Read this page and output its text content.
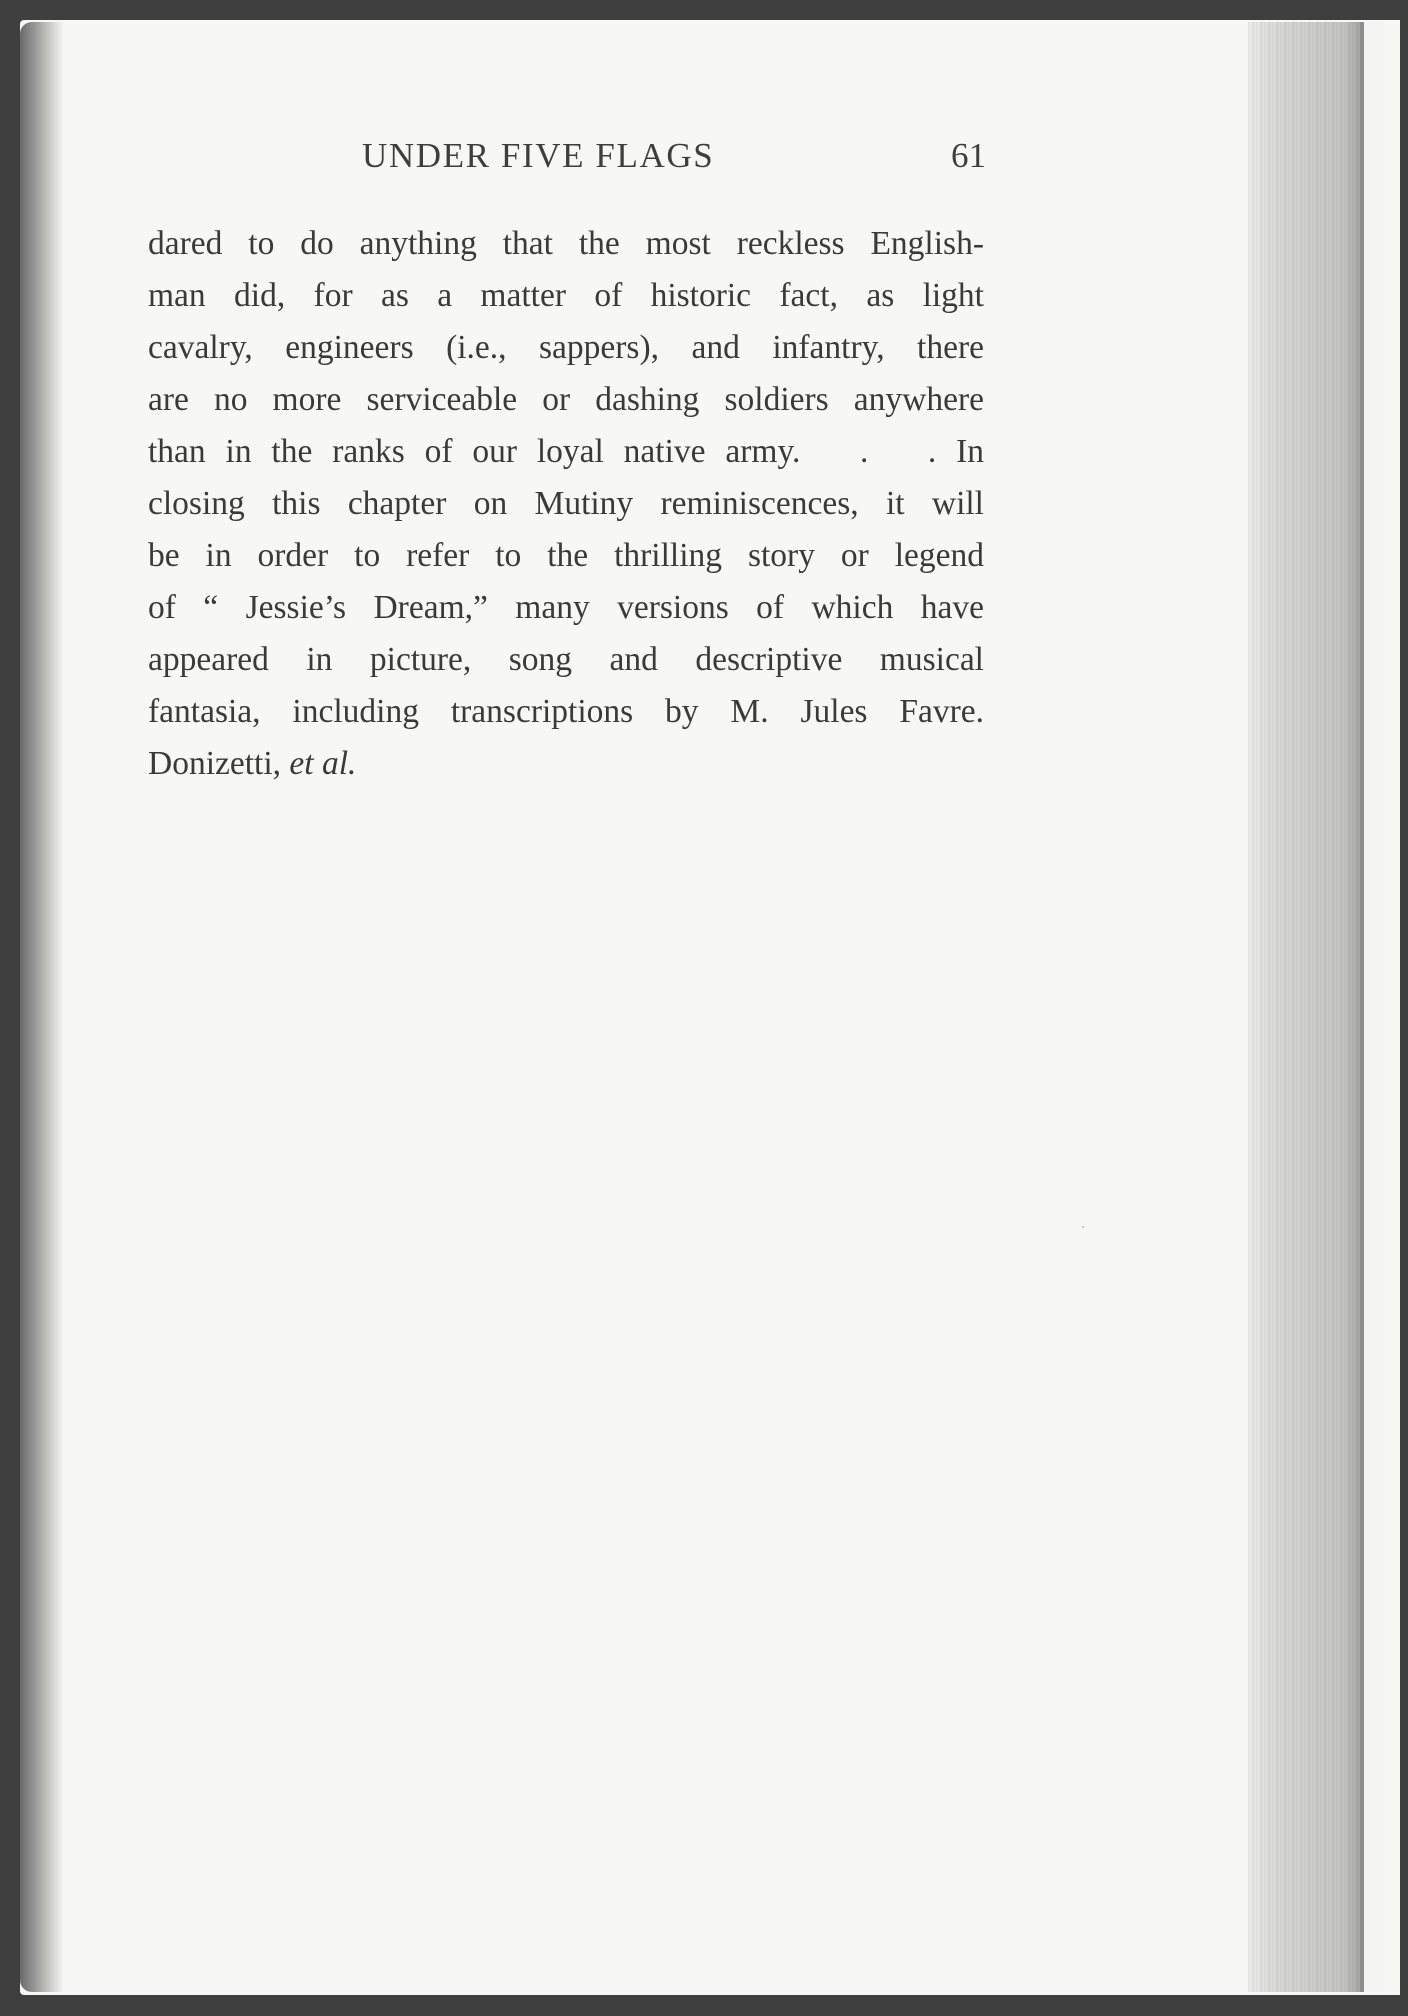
UNDER FIVE FLAGS	61
dared to do anything that the most reckless English-
man did, for as a matter of historic fact, as light
cavalry, engineers (i.e., sappers), and infantry, there
are no more serviceable or dashing soldiers anywhere
than in the ranks of our loyal native army.   .   . In
closing this chapter on Mutiny reminiscences, it will
be in order to refer to the thrilling story or legend
of “ Jessie’s Dream,” many versions of which have
appeared in picture, song and descriptive musical
fantasia, including transcriptions by M. Jules Favre.
Donizetti, et al.
